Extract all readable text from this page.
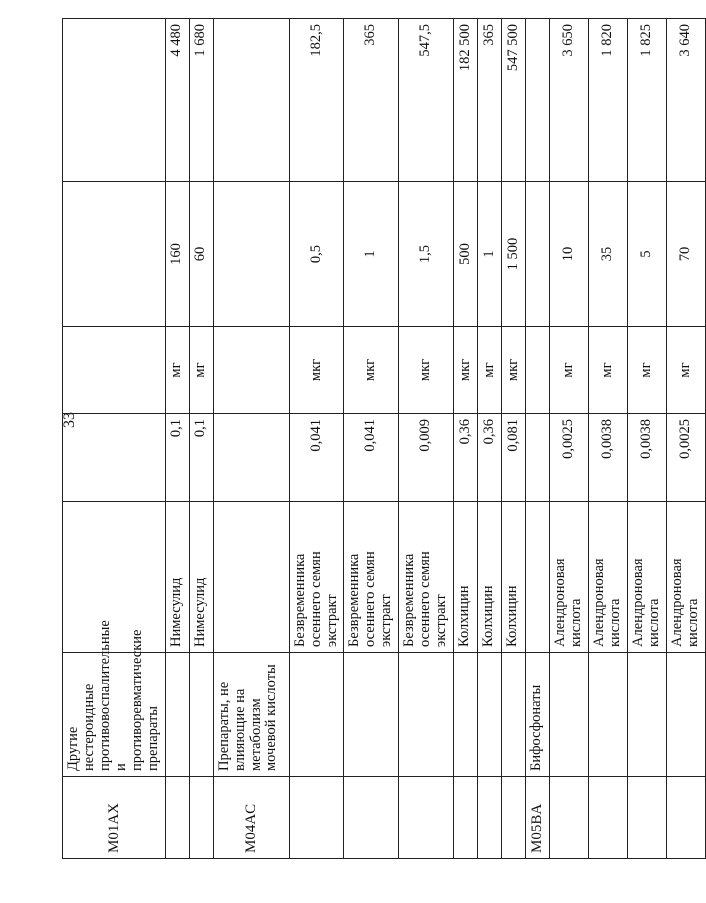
33
M01AX	Другие нестероидные противовоспалительные и противоревматические препараты					
		Нимесулид	0,1	мг	160	4 480
		Нимесулид	0,1	мг	60	1 680
M04AC	Препараты, не влияющие на метаболизм мочевой кислоты					
		Безвременника осеннего семян экстракт	0,041	мкг	0,5	182,5
		Безвременника осеннего семян экстракт	0,041	мкг	1	365
		Безвременника осеннего семян экстракт	0,009	мкг	1,5	547,5
		Колхицин	0,36	мкг	500	182 500
		Колхицин	0,36	мг	1	365
		Колхицин	0,081	мкг	1 500	547 500
M05BA	Бифосфонаты					
		Алендроновая кислота	0,0025	мг	10	3 650
		Алендроновая кислота	0,0038	мг	35	1 820
		Алендроновая кислота	0,0038	мг	5	1 825
		Алендроновая кислота	0,0025	мг	70	3 640
